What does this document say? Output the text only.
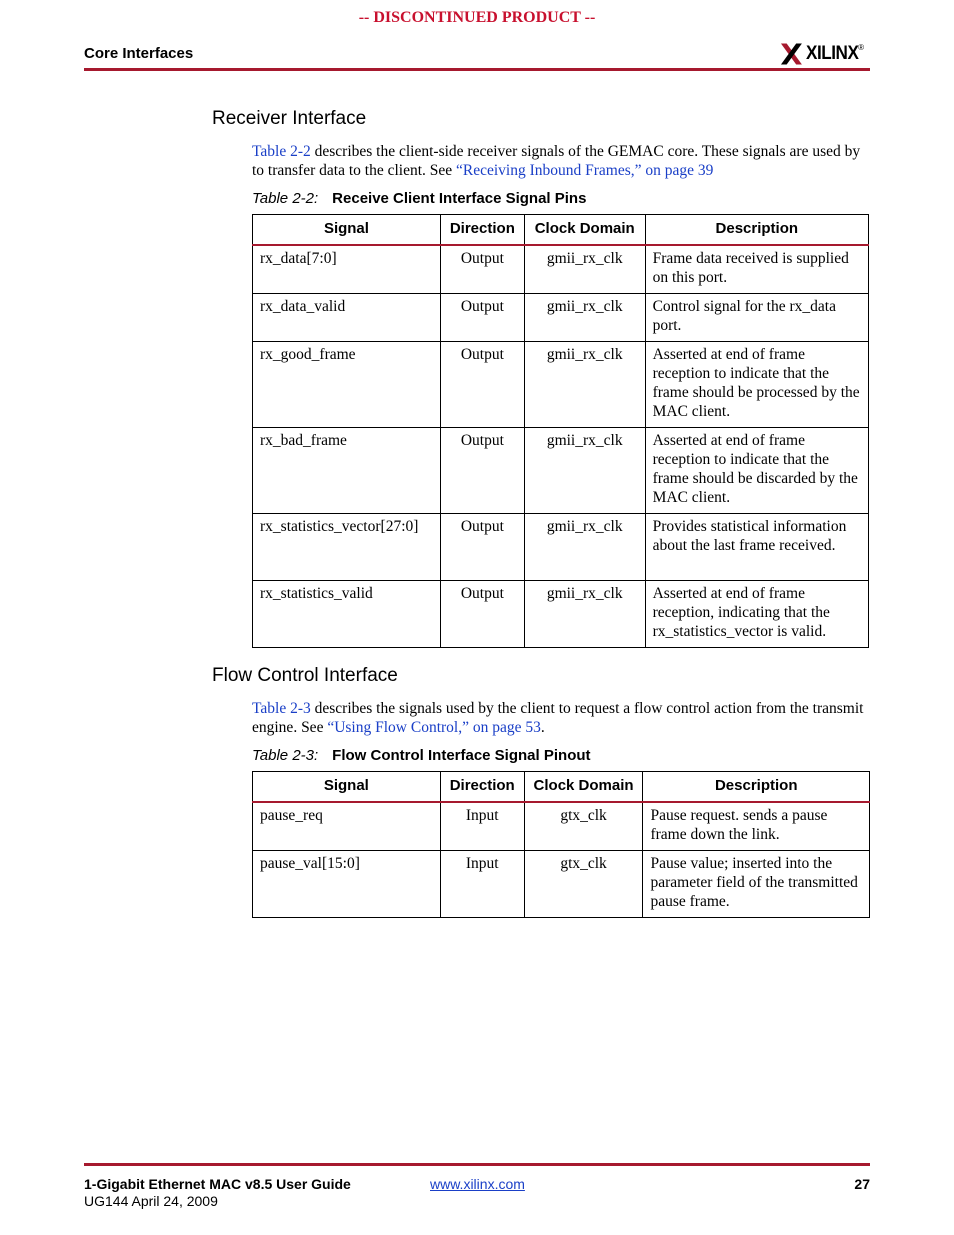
-- DISCONTINUED PRODUCT --
Core Interfaces	XILINX ®
Receiver Interface
Table 2-2 describes the client-side receiver signals of the GEMAC core. These signals are used by to transfer data to the client. See “Receiving Inbound Frames,” on page 39
Table 2-2: Receive Client Interface Signal Pins
Signal	Direction	Clock Domain	Description
rx_data[7:0]	Output	gmii_rx_clk	Frame data received is supplied on this port.
rx_data_valid	Output	gmii_rx_clk	Control signal for the rx_data port.
rx_good_frame	Output	gmii_rx_clk	Asserted at end of frame reception to indicate that the frame should be processed by the MAC client.
rx_bad_frame	Output	gmii_rx_clk	Asserted at end of frame reception to indicate that the frame should be discarded by the MAC client.
rx_statistics_vector[27:0]	Output	gmii_rx_clk	Provides statistical information about the last frame received.
rx_statistics_valid	Output	gmii_rx_clk	Asserted at end of frame reception, indicating that the rx_statistics_vector is valid.
Flow Control Interface
Table 2-3 describes the signals used by the client to request a flow control action from the transmit engine. See “Using Flow Control,” on page 53.
Table 2-3: Flow Control Interface Signal Pinout
Signal	Direction	Clock Domain	Description
pause_req	Input	gtx_clk	Pause request. sends a pause frame down the link.
pause_val[15:0]	Input	gtx_clk	Pause value; inserted into the parameter field of the transmitted pause frame.
1-Gigabit Ethernet MAC v8.5 User Guide
UG144 April 24, 2009
www.xilinx.com	27
